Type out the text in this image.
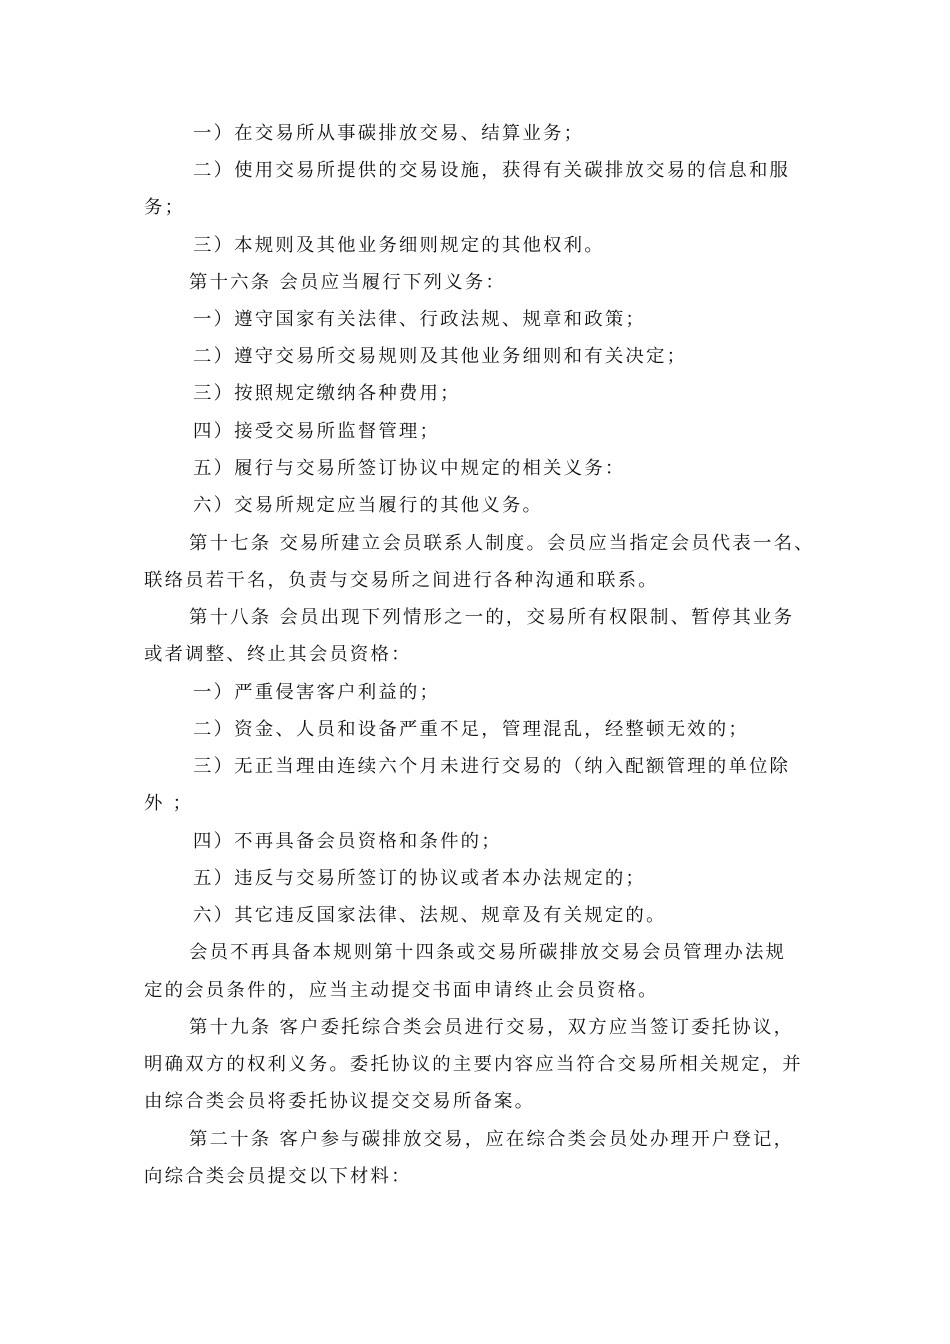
一）在交易所从事碳排放交易、结算业务；
二）使用交易所提供的交易设施，获得有关碳排放交易的信息和服
务；
三）本规则及其他业务细则规定的其他权利。
第十六条 会员应当履行下列义务：
一）遵守国家有关法律、行政法规、规章和政策；
二）遵守交易所交易规则及其他业务细则和有关决定；
三）按照规定缴纳各种费用；
四）接受交易所监督管理；
五）履行与交易所签订协议中规定的相关义务：
六）交易所规定应当履行的其他义务。
第十七条 交易所建立会员联系人制度。会员应当指定会员代表一名、
联络员若干名，负责与交易所之间进行各种沟通和联系。
第十八条 会员出现下列情形之一的，交易所有权限制、暂停其业务
或者调整、终止其会员资格：
一）严重侵害客户利益的；
二）资金、人员和设备严重不足，管理混乱，经整顿无效的；
三）无正当理由连续六个月未进行交易的（纳入配额管理的单位除
外 ；
四）不再具备会员资格和条件的；
五）违反与交易所签订的协议或者本办法规定的；
六）其它违反国家法律、法规、规章及有关规定的。
会员不再具备本规则第十四条或交易所碳排放交易会员管理办法规
定的会员条件的，应当主动提交书面申请终止会员资格。
第十九条 客户委托综合类会员进行交易，双方应当签订委托协议，
明确双方的权利义务。委托协议的主要内容应当符合交易所相关规定，并
由综合类会员将委托协议提交交易所备案。
第二十条 客户参与碳排放交易，应在综合类会员处办理开户登记，
向综合类会员提交以下材料：
